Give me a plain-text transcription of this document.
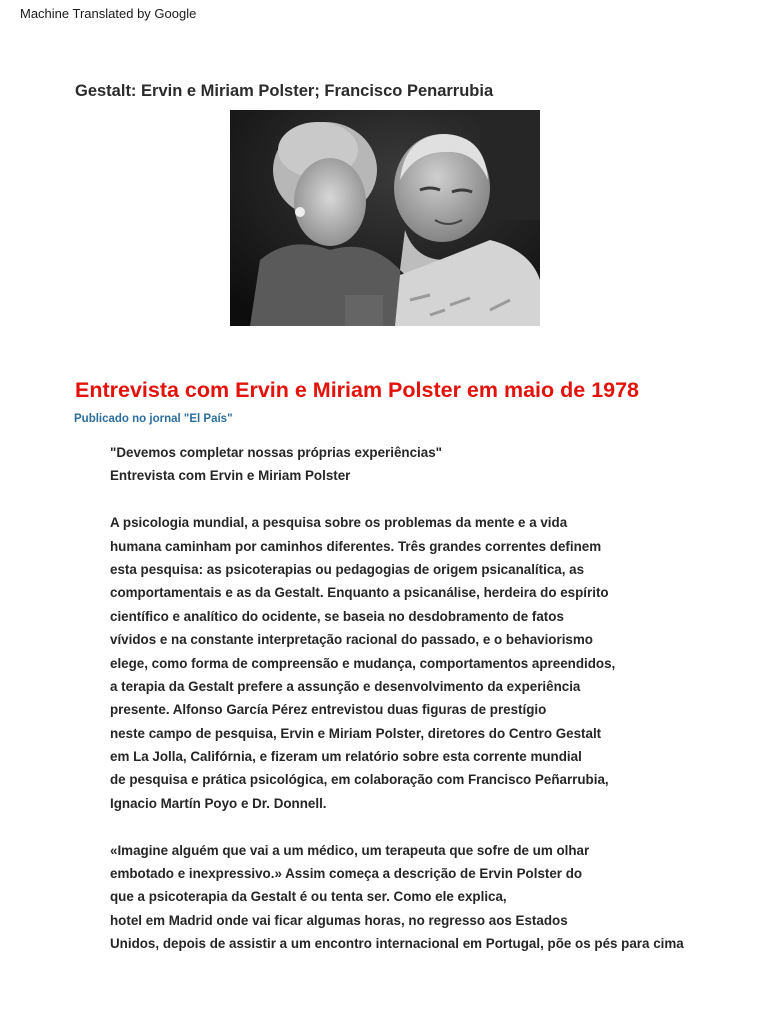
Machine Translated by Google
Gestalt: Ervin e Miriam Polster; Francisco Penarrubia
Entrevista com Ervin e Miriam Polster em maio de 1978
Publicado no jornal "El País"
"Devemos completar nossas próprias experiências"
Entrevista com Ervin e Miriam Polster
A psicologia mundial, a pesquisa sobre os problemas da mente e a vida
humana caminham por caminhos diferentes. Três grandes correntes definem
esta pesquisa: as psicoterapias ou pedagogias de origem psicanalítica, as
comportamentais e as da Gestalt. Enquanto a psicanálise, herdeira do espírito
científico e analítico do ocidente, se baseia no desdobramento de fatos
vívidos e na constante interpretação racional do passado, e o behaviorismo
elege, como forma de compreensão e mudança, comportamentos apreendidos,
a terapia da Gestalt prefere a assunção e desenvolvimento da experiência
presente. Alfonso García Pérez entrevistou duas figuras de prestígio
neste campo de pesquisa, Ervin e Miriam Polster, diretores do Centro Gestalt
em La Jolla, Califórnia, e fizeram um relatório sobre esta corrente mundial
de pesquisa e prática psicológica, em colaboração com Francisco Peñarrubia,
Ignacio Martín Poyo e Dr. Donnell.
«Imagine alguém que vai a um médico, um terapeuta que sofre de um olhar
embotado e inexpressivo.» Assim começa a descrição de Ervin Polster do
que a psicoterapia da Gestalt é ou tenta ser. Como ele explica,
hotel em Madrid onde vai ficar algumas horas, no regresso aos Estados
Unidos, depois de assistir a um encontro internacional em Portugal, põe os pés para cima
